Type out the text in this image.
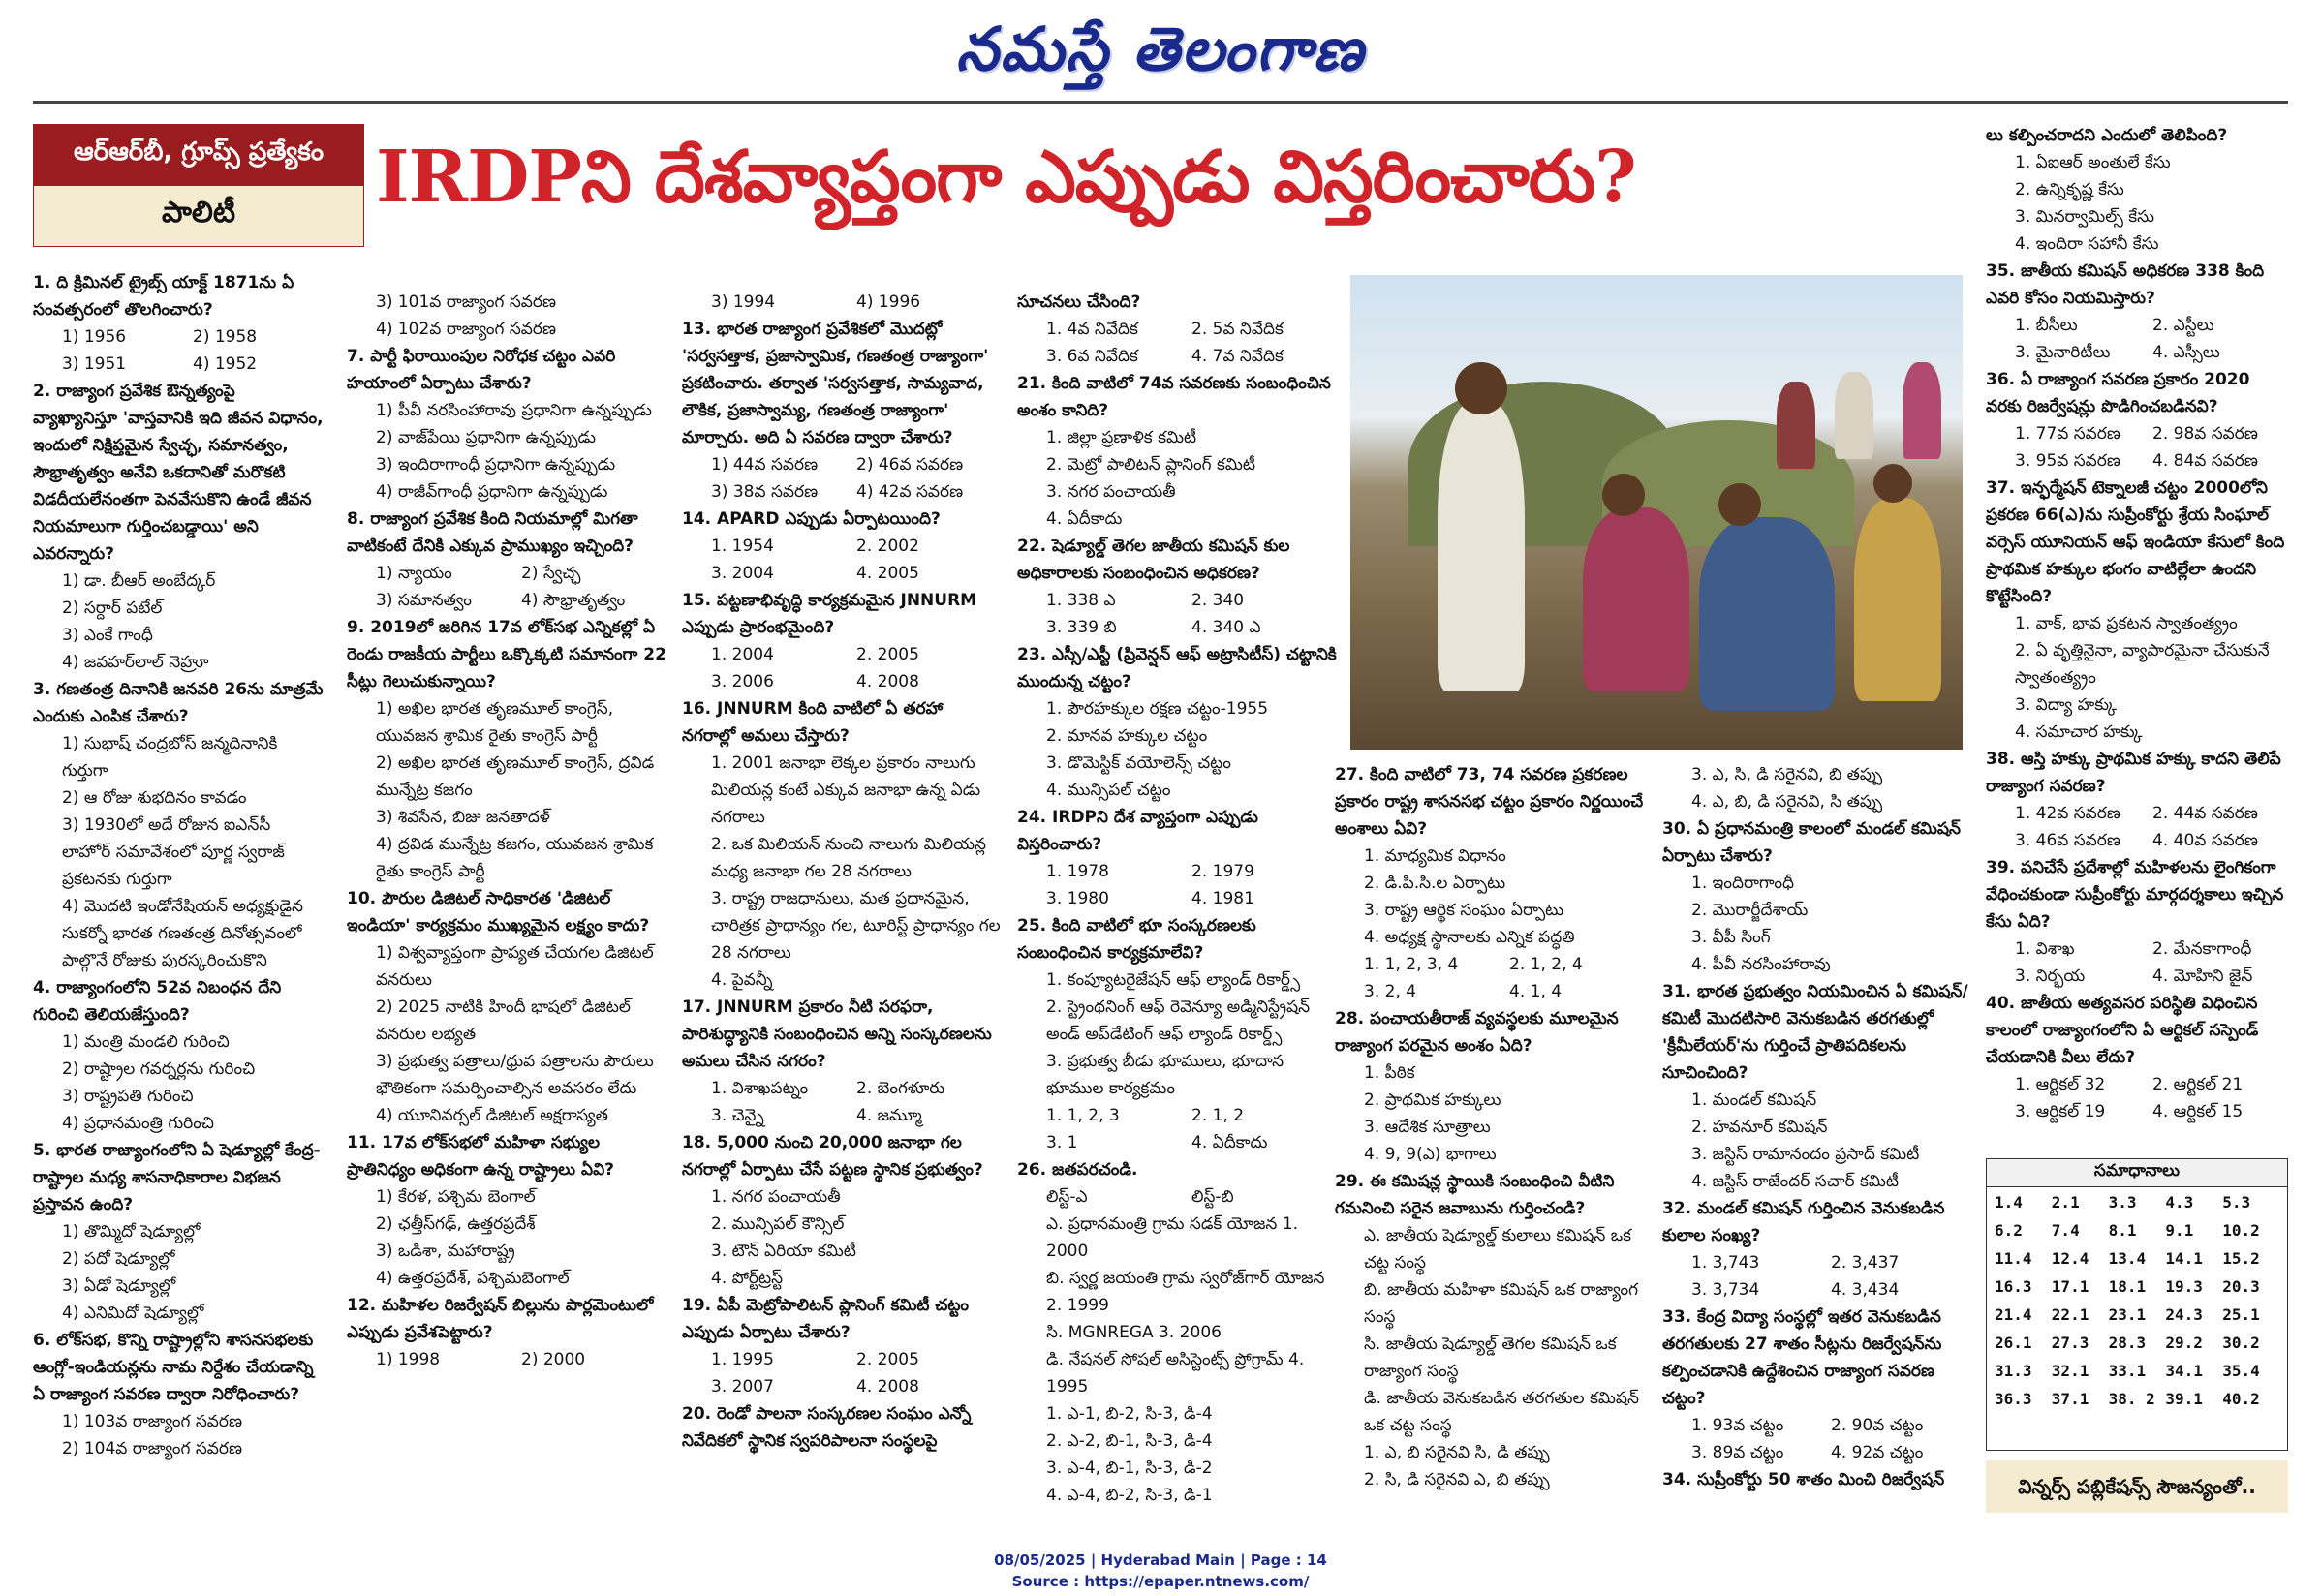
నమస్తే తెలంగాణ
ఆర్ఆర్‌బీ, గ్రూప్స్ ప్రత్యేకం
పాలిటీ	IRDPని దేశవ్యాప్తంగా ఎప్పుడు విస్తరించారు?

1. ది క్రిమినల్ ట్రైబ్స్ యాక్ట్ 1871ను ఏ సంవత్సరంలో తొలగించారు?

1) 1956	2) 1958

3) 1951	4) 1952

2. రాజ్యాంగ ప్రవేశిక ఔన్నత్యంపై వ్యాఖ్యానిస్తూ 'వాస్తవానికి ఇది జీవన విధానం, ఇందులో నిక్షిప్తమైన స్వేచ్ఛ, సమానత్వం, సౌభ్రాతృత్వం అనేవి ఒకదానితో మరొకటి విడదీయలేనంతగా పెనవేసుకొని ఉండే జీవన నియమాలుగా గుర్తించబడ్డాయి' అని ఎవరన్నారు?

1) డా. బీఆర్ అంబేద్కర్

2) సర్దార్ పటేల్

3) ఎంకే గాంధీ

4) జవహర్‌లాల్ నెహ్రూ

3. గణతంత్ర దినానికి జనవరి 26ను మాత్రమే ఎందుకు ఎంపిక చేశారు?

1) సుభాష్ చంద్రబోస్ జన్మదినానికి గుర్తుగా

2) ఆ రోజు శుభదినం కావడం

3) 1930లో అదే రోజున ఐఎన్‌సీ లాహోర్ సమావేశంలో పూర్ణ స్వరాజ్ ప్రకటనకు గుర్తుగా

4) మొదటి ఇండోనేషియన్ అధ్యక్షుడైన సుకర్నో భారత గణతంత్ర దినోత్సవంలో పాల్గొనే రోజుకు పురస్కరించుకొని

4. రాజ్యాంగంలోని 52వ నిబంధన దేని గురించి తెలియజేస్తుంది?

1) మంత్రి మండలి గురించి

2) రాష్ట్రాల గవర్నర్లను గురించి

3) రాష్ట్రపతి గురించి

4) ప్రధానమంత్రి గురించి

5. భారత రాజ్యాంగంలోని ఏ షెడ్యూల్లో కేంద్ర-రాష్ట్రాల మధ్య శాసనాధికారాల విభజన ప్రస్తావన ఉంది?

1) తొమ్మిదో షెడ్యూల్లో

2) పదో షెడ్యూల్లో

3) ఏడో షెడ్యూల్లో

4) ఎనిమిదో షెడ్యూల్లో

6. లోక్‌సభ, కొన్ని రాష్ట్రాల్లోని శాసనసభలకు ఆంగ్లో-ఇండియన్లను నామ నిర్దేశం చేయడాన్ని ఏ రాజ్యాంగ సవరణ ద్వారా నిరోధించారు?

1) 103వ రాజ్యాంగ సవరణ

2) 104వ రాజ్యాంగ సవరణ

3) 101వ రాజ్యాంగ సవరణ

4) 102వ రాజ్యాంగ సవరణ

7. పార్టీ ఫిరాయింపుల నిరోధక చట్టం ఎవరి హయాంలో ఏర్పాటు చేశారు?

1) పీవీ నరసింహారావు ప్రధానిగా ఉన్నప్పుడు

2) వాజ్‌పేయి ప్రధానిగా ఉన్నప్పుడు

3) ఇందిరాగాంధీ ప్రధానిగా ఉన్నప్పుడు

4) రాజీవ్‌గాంధీ ప్రధానిగా ఉన్నప్పుడు

8. రాజ్యాంగ ప్రవేశిక కింది నియమాల్లో మిగతా వాటికంటే దేనికి ఎక్కువ ప్రాముఖ్యం ఇచ్చింది?

1) న్యాయం	2) స్వేచ్ఛ

3) సమానత్వం	4) సౌభ్రాతృత్వం

9. 2019లో జరిగిన 17వ లోక్‌సభ ఎన్నికల్లో ఏ రెండు రాజకీయ పార్టీలు ఒక్కొక్కటి సమానంగా 22 సీట్లు గెలుచుకున్నాయి?

1) అఖిల భారత తృణమూల్ కాంగ్రెస్, యువజన శ్రామిక రైతు కాంగ్రెస్ పార్టీ

2) అఖిల భారత తృణమూల్ కాంగ్రెస్, ద్రవిడ మున్నేట్ర కజగం

3) శివసేన, బిజు జనతాదళ్

4) ద్రవిడ మున్నేట్ర కజగం, యువజన శ్రామిక రైతు కాంగ్రెస్ పార్టీ

10. పౌరుల డిజిటల్ సాధికారత 'డిజిటల్ ఇండియా' కార్యక్రమం ముఖ్యమైన లక్ష్యం కాదు?

1) విశ్వవ్యాప్తంగా ప్రాప్యత చేయగల డిజిటల్ వనరులు

2) 2025 నాటికి హిందీ భాషలో డిజిటల్ వనరుల లభ్యత

3) ప్రభుత్వ పత్రాలు/ధ్రువ పత్రాలను పౌరులు భౌతికంగా సమర్పించాల్సిన అవసరం లేదు

4) యూనివర్సల్ డిజిటల్ అక్షరాస్యత

11. 17వ లోక్‌సభలో మహిళా సభ్యుల ప్రాతినిధ్యం అధికంగా ఉన్న రాష్ట్రాలు ఏవి?

1) కేరళ, పశ్చిమ బెంగాల్

2) ఛత్తీస్‌గఢ్, ఉత్తరప్రదేశ్

3) ఒడిశా, మహారాష్ట్ర

4) ఉత్తరప్రదేశ్, పశ్చిమబెంగాల్

12. మహిళల రిజర్వేషన్ బిల్లును పార్లమెంటులో ఎప్పుడు ప్రవేశపెట్టారు?

1) 1998	2) 2000

3) 1994	4) 1996

13. భారత రాజ్యాంగ ప్రవేశికలో మొదట్లో 'సర్వసత్తాక, ప్రజాస్వామిక, గణతంత్ర రాజ్యాంగా' ప్రకటించారు. తర్వాత 'సర్వసత్తాక, సామ్యవాద, లౌకిక, ప్రజాస్వామ్య, గణతంత్ర రాజ్యాంగా' మార్చారు. అది ఏ సవరణ ద్వారా చేశారు?

1) 44వ సవరణ	2) 46వ సవరణ

3) 38వ సవరణ	4) 42వ సవరణ

14. APARD ఎప్పుడు ఏర్పాటయింది?

1. 1954	2. 2002

3. 2004	4. 2005

15. పట్టణాభివృద్ధి కార్యక్రమమైన JNNURM ఎప్పుడు ప్రారంభమైంది?

1. 2004	2. 2005

3. 2006	4. 2008

16. JNNURM కింది వాటిలో ఏ తరహా నగరాల్లో అమలు చేస్తారు?

1. 2001 జనాభా లెక్కల ప్రకారం నాలుగు మిలియన్ల కంటే ఎక్కువ జనాభా ఉన్న ఏడు నగరాలు

2. ఒక మిలియన్ నుంచి నాలుగు మిలియన్ల మధ్య జనాభా గల 28 నగరాలు

3. రాష్ట్ర రాజధానులు, మత ప్రధానమైన, చారిత్రక ప్రాధాన్యం గల, టూరిస్ట్ ప్రాధాన్యం గల 28 నగరాలు

4. పైవన్నీ

17. JNNURM ప్రకారం నీటి సరఫరా, పారిశుద్ధ్యానికి సంబంధించిన అన్ని సంస్కరణలను అమలు చేసిన నగరం?

1. విశాఖపట్నం	2. బెంగళూరు

3. చెన్నై	4. జమ్మూ

18. 5,000 నుంచి 20,000 జనాభా గల నగరాల్లో ఏర్పాటు చేసే పట్టణ స్థానిక ప్రభుత్వం?

1. నగర పంచాయతీ

2. మున్సిపల్ కౌన్సిల్

3. టౌన్ ఏరియా కమిటీ

4. పోర్ట్‌ట్రస్ట్

19. ఏపీ మెట్రోపాలిటన్ ప్లానింగ్ కమిటీ చట్టం ఎప్పుడు ఏర్పాటు చేశారు?

1. 1995	2. 2005

3. 2007	4. 2008

20. రెండో పాలనా సంస్కరణల సంఘం ఎన్నో నివేదికలో స్థానిక స్వపరిపాలనా సంస్థలపై

సూచనలు చేసింది?

1. 4వ నివేదిక	2. 5వ నివేదిక

3. 6వ నివేదిక	4. 7వ నివేదిక

21. కింది వాటిలో 74వ సవరణకు సంబంధించిన అంశం కానిది?

1. జిల్లా ప్రణాళిక కమిటీ

2. మెట్రో పాలిటన్ ప్లానింగ్ కమిటీ

3. నగర పంచాయతీ

4. ఏదీకాదు

22. షెడ్యూల్డ్ తెగల జాతీయ కమిషన్ కుల అధికారాలకు సంబంధించిన అధికరణ?

1. 338 ఎ	2. 340

3. 339 బి	4. 340 ఎ

23. ఎస్సీ/ఎస్టీ (ప్రివెన్షన్ ఆఫ్ అట్రాసిటీస్) చట్టానికి ముందున్న చట్టం?

1. పౌరహక్కుల రక్షణ చట్టం-1955

2. మానవ హక్కుల చట్టం

3. డొమెస్టిక్ వయోలెన్స్ చట్టం

4. మున్సిపల్ చట్టం

24. IRDPని దేశ వ్యాప్తంగా ఎప్పుడు విస్తరించారు?

1. 1978	2. 1979

3. 1980	4. 1981

25. కింది వాటిలో భూ సంస్కరణలకు సంబంధించిన కార్యక్రమాలేవి?

1. కంప్యూటరైజేషన్ ఆఫ్ ల్యాండ్ రికార్డ్స్

2. స్ట్రెంథనింగ్ ఆఫ్ రెవెన్యూ అడ్మినిస్ట్రేషన్ అండ్ అప్‌డేటింగ్ ఆఫ్ ల్యాండ్ రికార్డ్స్

3. ప్రభుత్వ బీడు భూములు, భూదాన భూముల కార్యక్రమం

1. 1, 2, 3	2. 1, 2

3. 1	4. ఏదీకాదు

26. జతపరచండి.

లిస్ట్-ఎ	లిస్ట్-బి

ఎ. ప్రధానమంత్రి గ్రామ సడక్ యోజన 1. 2000

బి. స్వర్ణ జయంతి గ్రామ స్వరోజ్‌గార్ యోజన 2. 1999

సి. MGNREGA 3. 2006

డి. నేషనల్ సోషల్ అసిస్టెంట్స్ ప్రోగ్రామ్ 4. 1995

1. ఎ-1, బి-2, సి-3, డి-4

2. ఎ-2, బి-1, సి-3, డి-4

3. ఎ-4, బి-1, సి-3, డి-2

4. ఎ-4, బి-2, సి-3, డి-1

27. కింది వాటిలో 73, 74 సవరణ ప్రకరణల ప్రకారం రాష్ట్ర శాసనసభ చట్టం ప్రకారం నిర్ణయించే అంశాలు ఏవి?

1. మాధ్యమిక విధానం

2. డి.పి.సి.ల ఏర్పాటు

3. రాష్ట్ర ఆర్థిక సంఘం ఏర్పాటు

4. అధ్యక్ష స్థానాలకు ఎన్నిక పద్ధతి

1. 1, 2, 3, 4	2. 1, 2, 4

3. 2, 4	4. 1, 4

28. పంచాయతీరాజ్ వ్యవస్థలకు మూలమైన రాజ్యాంగ పరమైన అంశం ఏది?

1. పీఠిక

2. ప్రాథమిక హక్కులు

3. ఆదేశిక సూత్రాలు

4. 9, 9(ఎ) భాగాలు

29. ఈ కమిషన్ల స్థాయికి సంబంధించి వీటిని గమనించి సరైన జవాబును గుర్తించండి?

ఎ. జాతీయ షెడ్యూల్డ్ కులాలు కమిషన్ ఒక చట్ట సంస్థ

బి. జాతీయ మహిళా కమిషన్ ఒక రాజ్యాంగ సంస్థ

సి. జాతీయ షెడ్యూల్డ్ తెగల కమిషన్ ఒక రాజ్యాంగ సంస్థ

డి. జాతీయ వెనుకబడిన తరగతుల కమిషన్ ఒక చట్ట సంస్థ

1. ఎ, బి సరైనవి సి, డి తప్పు

2. సి, డి సరైనవి ఎ, బి తప్పు

3. ఎ, సి, డి సరైనవి, బి తప్పు

4. ఎ, బి, డి సరైనవి, సి తప్పు

30. ఏ ప్రధానమంత్రి కాలంలో మండల్ కమిషన్ ఏర్పాటు చేశారు?

1. ఇందిరాగాంధీ

2. మొరార్జీదేశాయ్

3. వీపీ సింగ్

4. పీవీ నరసింహారావు

31. భారత ప్రభుత్వం నియమించిన ఏ కమిషన్/కమిటీ మొదటిసారి వెనుకబడిన తరగతుల్లో 'క్రీమీలేయర్'ను గుర్తించే ప్రాతిపదికలను సూచించింది?

1. మండల్ కమిషన్

2. హవనూర్ కమిషన్

3. జస్టిస్ రామానందం ప్రసాద్ కమిటీ

4. జస్టిస్ రాజేందర్ సచార్ కమిటీ

32. మండల్ కమిషన్ గుర్తించిన వెనుకబడిన కులాల సంఖ్య?

1. 3,743	2. 3,437

3. 3,734	4. 3,434

33. కేంద్ర విద్యా సంస్థల్లో ఇతర వెనుకబడిన తరగతులకు 27 శాతం సీట్లను రిజర్వేషన్‌ను కల్పించడానికి ఉద్దేశించిన రాజ్యాంగ సవరణ చట్టం?

1. 93వ చట్టం	2. 90వ చట్టం

3. 89వ చట్టం	4. 92వ చట్టం

34. సుప్రీంకోర్టు 50 శాతం మించి రిజర్వేషన్

లు కల్పించరాదని ఎందులో తెలిపింది?

1. ఏఐఆర్ అంతులే కేసు

2. ఉన్నికృష్ణ కేసు

3. మినర్వామిల్స్ కేసు

4. ఇందిరా సహానీ కేసు

35. జాతీయ కమిషన్ అధికరణ 338 కింది ఎవరి కోసం నియమిస్తారు?

1. బీసీలు	2. ఎస్టీలు

3. మైనారిటీలు	4. ఎస్సీలు

36. ఏ రాజ్యాంగ సవరణ ప్రకారం 2020 వరకు రిజర్వేషన్లు పొడిగించబడినవి?

1. 77వ సవరణ	2. 98వ సవరణ

3. 95వ సవరణ	4. 84వ సవరణ

37. ఇన్ఫర్మేషన్ టెక్నాలజీ చట్టం 2000లోని ప్రకరణ 66(ఎ)ను సుప్రీంకోర్టు శ్రేయ సింఘాల్ వర్సెస్ యూనియన్ ఆఫ్ ఇండియా కేసులో కింది ప్రాథమిక హక్కుల భంగం వాటిల్లేలా ఉందని కొట్టేసింది?

1. వాక్, భావ ప్రకటన స్వాతంత్య్రం

2. ఏ వృత్తినైనా, వ్యాపారమైనా చేసుకునే స్వాతంత్య్రం

3. విద్యా హక్కు

4. సమాచార హక్కు

38. ఆస్తి హక్కు ప్రాథమిక హక్కు కాదని తెలిపే రాజ్యాంగ సవరణ?

1. 42వ సవరణ	2. 44వ సవరణ

3. 46వ సవరణ	4. 40వ సవరణ

39. పనిచేసే ప్రదేశాల్లో మహిళలను లైంగికంగా వేధించకుండా సుప్రీంకోర్టు మార్గదర్శకాలు ఇచ్చిన కేసు ఏది?

1. విశాఖ	2. మేనకాగాంధీ

3. నిర్భయ	4. మోహిని జైన్

40. జాతీయ అత్యవసర పరిస్థితి విధించిన కాలంలో రాజ్యాంగంలోని ఏ ఆర్టికల్ సస్పెండ్ చేయడానికి వీలు లేదు?

1. ఆర్టికల్ 32	2. ఆర్టికల్ 21

3. ఆర్టికల్ 19	4. ఆర్టికల్ 15

సమాధానాలు
1.4	2.1	3.3	4.3	5.3
6.2	7.4	8.1	9.1	10.2
11.4	12.4	13.4	14.1	15.2
16.3	17.1	18.1	19.3	20.3
21.4	22.1	23.1	24.3	25.1
26.1	27.3	28.3	29.2	30.2
31.3	32.1	33.1	34.1	35.4
36.3	37.1	38. 2 39.1	40.2
విన్నర్స్ పబ్లికేషన్స్ సౌజన్యంతో..
08/05/2025 | Hyderabad Main | Page : 14
Source : https://epaper.ntnews.com/
